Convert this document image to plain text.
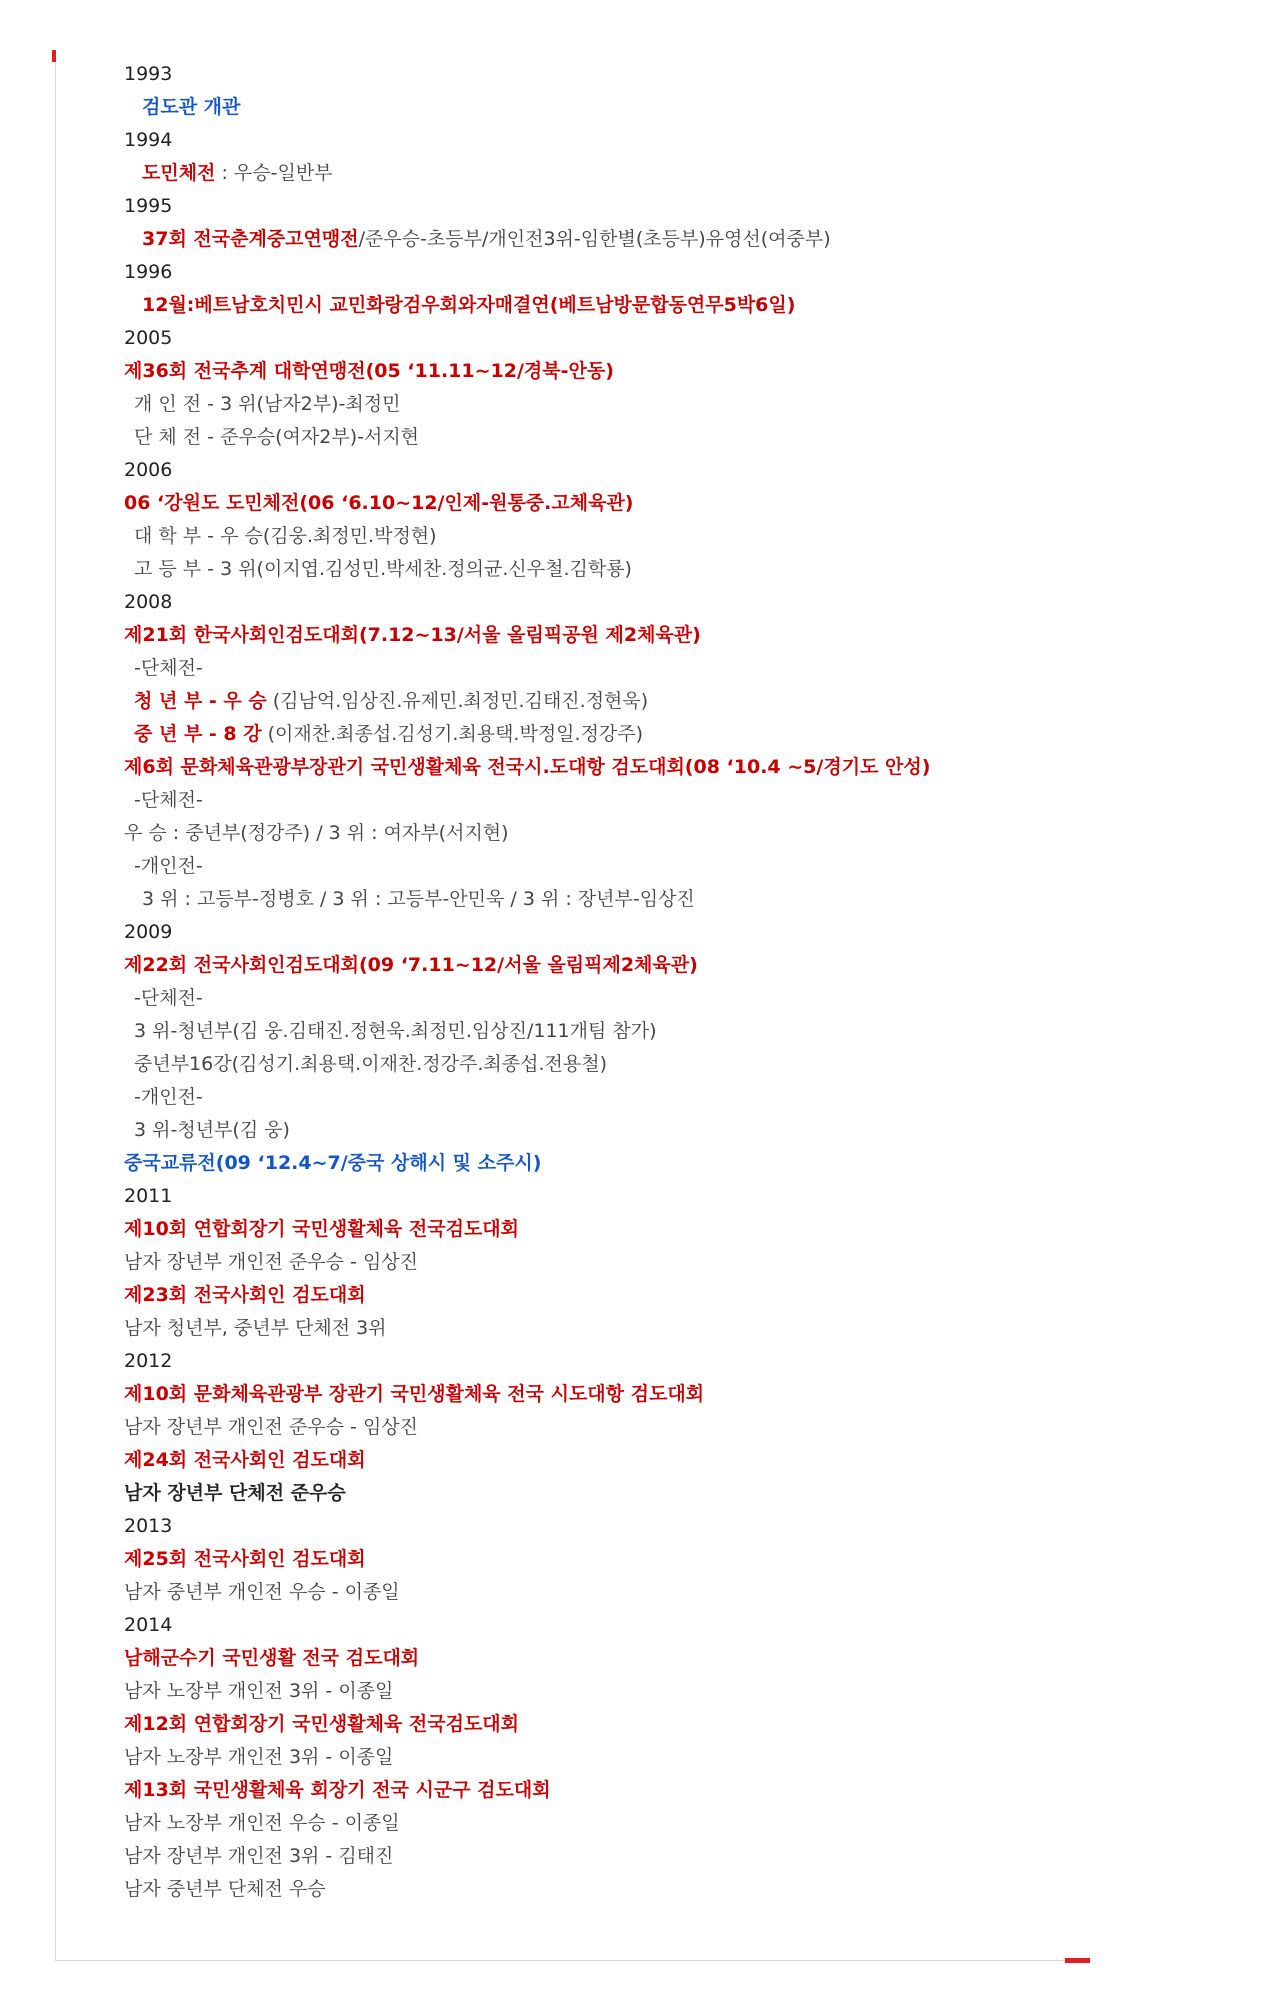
1993
검도관 개관
1994
도민체전 : 우승-일반부
1995
37회 전국춘계중고연맹전/준우승-초등부/개인전3위-임한별(초등부)유영선(여중부)
1996
12월:베트남호치민시 교민화랑검우회와자매결연(베트남방문합동연무5박6일)
2005
제36회 전국추계 대학연맹전(05 ‘11.11~12/경북-안동)
개 인 전 - 3 위(남자2부)-최정민
단 체 전 - 준우승(여자2부)-서지현
2006
06 ‘강원도 도민체전(06 ‘6.10~12/인제-원통중.고체육관)
대 학 부 - 우 승(김웅.최정민.박정현)
고 등 부 - 3 위(이지엽.김성민.박세찬.정의균.신우철.김학룡)
2008
제21회 한국사회인검도대회(7.12~13/서울 올림픽공원 제2체육관)
-단체전-
청 년 부 - 우 승 (김남억.임상진.유제민.최정민.김태진.정현욱)
중 년 부 - 8 강 (이재찬.최종섭.김성기.최용택.박정일.정강주)
제6회 문화체육관광부장관기 국민생활체육 전국시.도대항 검도대회(08 ‘10.4 ~5/경기도 안성)
-단체전-
우 승 : 중년부(정강주) / 3 위 : 여자부(서지현)
-개인전-
3 위 : 고등부-정병호 / 3 위 : 고등부-안민욱 / 3 위 : 장년부-임상진
2009
제22회 전국사회인검도대회(09 ‘7.11~12/서울 올림픽제2체육관)
-단체전-
3 위-청년부(김 웅.김태진.정현욱.최정민.임상진/111개팀 참가)
중년부16강(김성기.최용택.이재찬.정강주.최종섭.전용철)
-개인전-
3 위-청년부(김 웅)
중국교류전(09 ‘12.4~7/중국 상해시 및 소주시)
2011
제10회 연합회장기 국민생활체육 전국검도대회
남자 장년부 개인전 준우승 - 임상진
제23회 전국사회인 검도대회
남자 청년부, 중년부 단체전 3위
2012
제10회 문화체육관광부 장관기 국민생활체육 전국 시도대항 검도대회
남자 장년부 개인전 준우승 - 임상진
제24회 전국사회인 검도대회
남자 장년부 단체전 준우승
2013
제25회 전국사회인 검도대회
남자 중년부 개인전 우승 - 이종일
2014
남해군수기 국민생활 전국 검도대회
남자 노장부 개인전 3위 - 이종일
제12회 연합회장기 국민생활체육 전국검도대회
남자 노장부 개인전 3위 - 이종일
제13회 국민생활체육 회장기 전국 시군구 검도대회
남자 노장부 개인전 우승 - 이종일
남자 장년부 개인전 3위 - 김태진
남자 중년부 단체전 우승
